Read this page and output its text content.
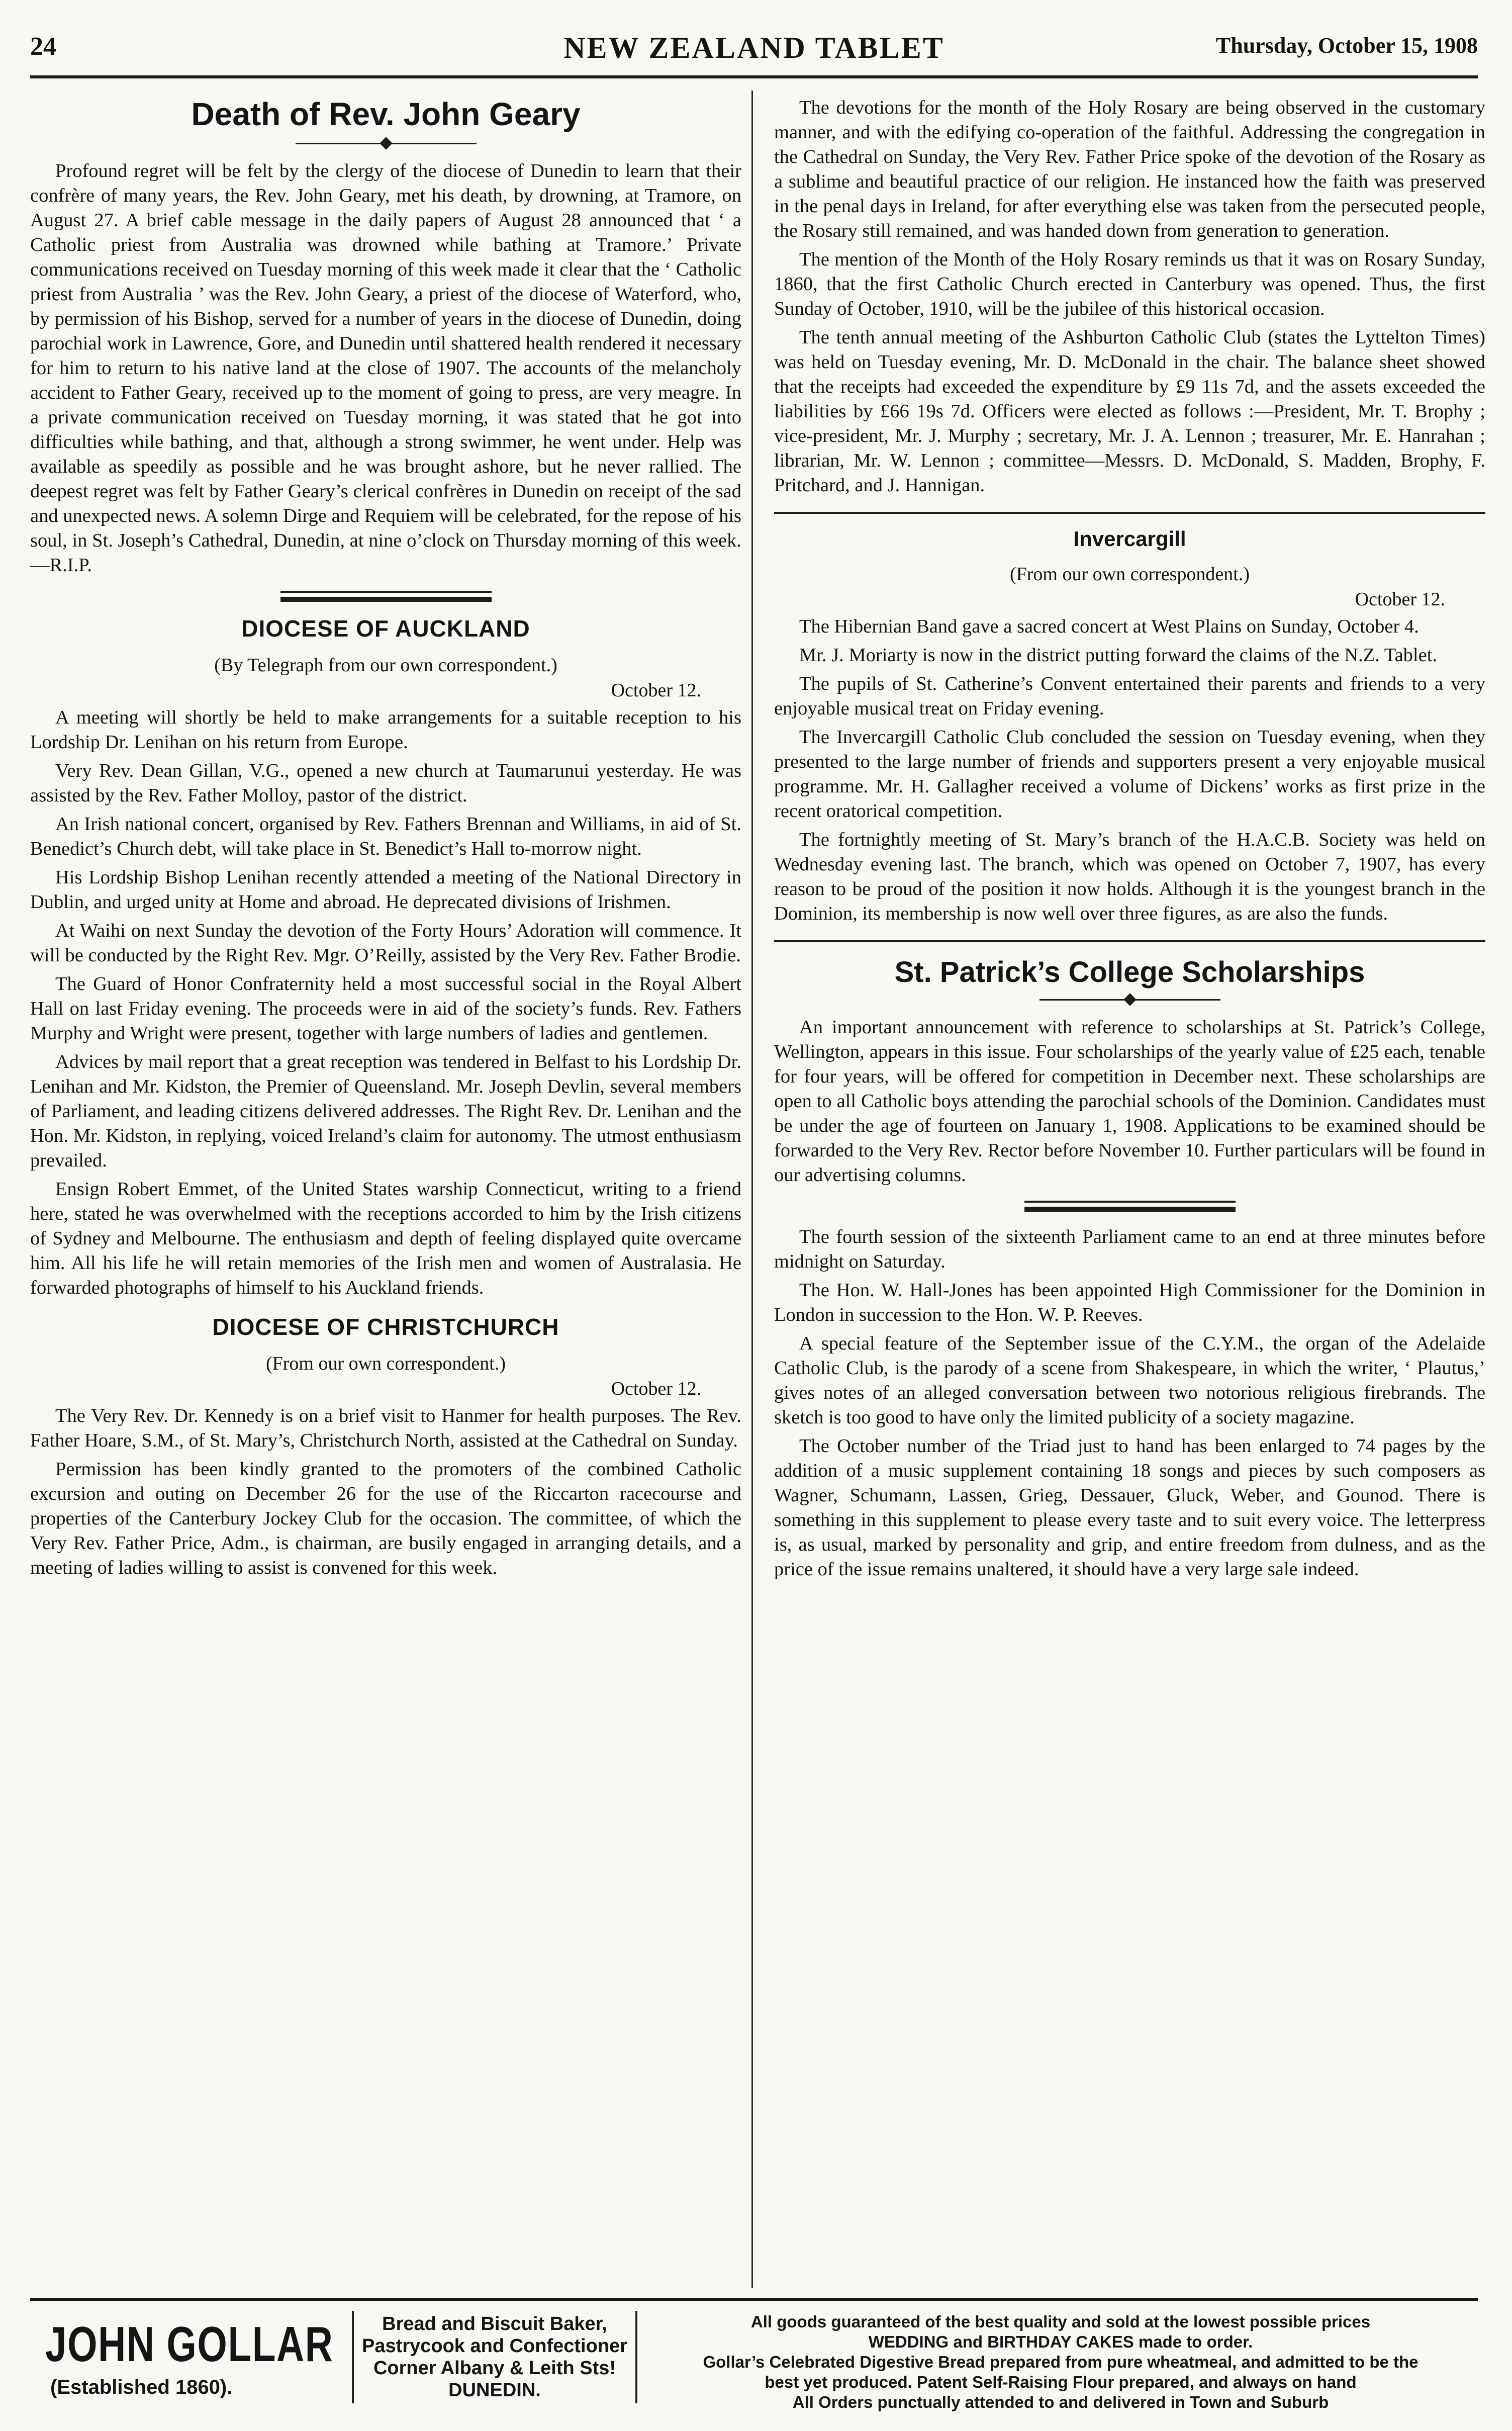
24	NEW ZEALAND TABLET	Thursday, October 15, 1908
Death of Rev. John Geary

Profound regret will be felt by the clergy of the diocese of Dunedin to learn that their confrère of many years, the Rev. John Geary, met his death, by drowning, at Tramore, on August 27. A brief cable message in the daily papers of August 28 announced that ‘ a Catholic priest from Australia was drowned while bathing at Tramore.’ Private communications received on Tuesday morning of this week made it clear that the ‘ Catholic priest from Australia ’ was the Rev. John Geary, a priest of the diocese of Waterford, who, by permission of his Bishop, served for a number of years in the diocese of Dunedin, doing parochial work in Lawrence, Gore, and Dunedin until shattered health rendered it necessary for him to return to his native land at the close of 1907. The accounts of the melancholy accident to Father Geary, received up to the moment of going to press, are very meagre. In a private communication received on Tuesday morning, it was stated that he got into difficulties while bathing, and that, although a strong swimmer, he went under. Help was available as speedily as possible and he was brought ashore, but he never rallied. The deepest regret was felt by Father Geary’s clerical confrères in Dunedin on receipt of the sad and unexpected news. A solemn Dirge and Requiem will be celebrated, for the repose of his soul, in St. Joseph’s Cathedral, Dunedin, at nine o’clock on Thursday morning of this week.—R.I.P.

DIOCESE OF AUCKLAND
(By Telegraph from our own correspondent.)
October 12.

A meeting will shortly be held to make arrangements for a suitable reception to his Lordship Dr. Lenihan on his return from Europe.

Very Rev. Dean Gillan, V.G., opened a new church at Taumarunui yesterday. He was assisted by the Rev. Father Molloy, pastor of the district.

An Irish national concert, organised by Rev. Fathers Brennan and Williams, in aid of St. Benedict’s Church debt, will take place in St. Benedict’s Hall to-morrow night.

His Lordship Bishop Lenihan recently attended a meeting of the National Directory in Dublin, and urged unity at Home and abroad. He deprecated divisions of Irishmen.

At Waihi on next Sunday the devotion of the Forty Hours’ Adoration will commence. It will be conducted by the Right Rev. Mgr. O’Reilly, assisted by the Very Rev. Father Brodie.

The Guard of Honor Confraternity held a most successful social in the Royal Albert Hall on last Friday evening. The proceeds were in aid of the society’s funds. Rev. Fathers Murphy and Wright were present, together with large numbers of ladies and gentlemen.

Advices by mail report that a great reception was tendered in Belfast to his Lordship Dr. Lenihan and Mr. Kidston, the Premier of Queensland. Mr. Joseph Devlin, several members of Parliament, and leading citizens delivered addresses. The Right Rev. Dr. Lenihan and the Hon. Mr. Kidston, in replying, voiced Ireland’s claim for autonomy. The utmost enthusiasm prevailed.

Ensign Robert Emmet, of the United States warship Connecticut, writing to a friend here, stated he was overwhelmed with the receptions accorded to him by the Irish citizens of Sydney and Melbourne. The enthusiasm and depth of feeling displayed quite overcame him. All his life he will retain memories of the Irish men and women of Australasia. He forwarded photographs of himself to his Auckland friends.

DIOCESE OF CHRISTCHURCH
(From our own correspondent.)
October 12.

The Very Rev. Dr. Kennedy is on a brief visit to Hanmer for health purposes. The Rev. Father Hoare, S.M., of St. Mary’s, Christchurch North, assisted at the Cathedral on Sunday.

Permission has been kindly granted to the promoters of the combined Catholic excursion and outing on December 26 for the use of the Riccarton racecourse and properties of the Canterbury Jockey Club for the occasion. The committee, of which the Very Rev. Father Price, Adm., is chairman, are busily engaged in arranging details, and a meeting of ladies willing to assist is convened for this week.

The devotions for the month of the Holy Rosary are being observed in the customary manner, and with the edifying co-operation of the faithful. Addressing the congregation in the Cathedral on Sunday, the Very Rev. Father Price spoke of the devotion of the Rosary as a sublime and beautiful practice of our religion. He instanced how the faith was preserved in the penal days in Ireland, for after everything else was taken from the persecuted people, the Rosary still remained, and was handed down from generation to generation.

The mention of the Month of the Holy Rosary reminds us that it was on Rosary Sunday, 1860, that the first Catholic Church erected in Canterbury was opened. Thus, the first Sunday of October, 1910, will be the jubilee of this historical occasion.

The tenth annual meeting of the Ashburton Catholic Club (states the Lyttelton Times) was held on Tuesday evening, Mr. D. McDonald in the chair. The balance sheet showed that the receipts had exceeded the expenditure by £9 11s 7d, and the assets exceeded the liabilities by £66 19s 7d. Officers were elected as follows :—President, Mr. T. Brophy ; vice-president, Mr. J. Murphy ; secretary, Mr. J. A. Lennon ; treasurer, Mr. E. Hanrahan ; librarian, Mr. W. Lennon ; committee—Messrs. D. McDonald, S. Madden, Brophy, F. Pritchard, and J. Hannigan.

Invercargill
(From our own correspondent.)
October 12.

The Hibernian Band gave a sacred concert at West Plains on Sunday, October 4.

Mr. J. Moriarty is now in the district putting forward the claims of the N.Z. Tablet.

The pupils of St. Catherine’s Convent entertained their parents and friends to a very enjoyable musical treat on Friday evening.

The Invercargill Catholic Club concluded the session on Tuesday evening, when they presented to the large number of friends and supporters present a very enjoyable musical programme. Mr. H. Gallagher received a volume of Dickens’ works as first prize in the recent oratorical competition.

The fortnightly meeting of St. Mary’s branch of the H.A.C.B. Society was held on Wednesday evening last. The branch, which was opened on October 7, 1907, has every reason to be proud of the position it now holds. Although it is the youngest branch in the Dominion, its membership is now well over three figures, as are also the funds.

St. Patrick’s College Scholarships

An important announcement with reference to scholarships at St. Patrick’s College, Wellington, appears in this issue. Four scholarships of the yearly value of £25 each, tenable for four years, will be offered for competition in December next. These scholarships are open to all Catholic boys attending the parochial schools of the Dominion. Candidates must be under the age of fourteen on January 1, 1908. Applications to be examined should be forwarded to the Very Rev. Rector before November 10. Further particulars will be found in our advertising columns.

The fourth session of the sixteenth Parliament came to an end at three minutes before midnight on Saturday.

The Hon. W. Hall-Jones has been appointed High Commissioner for the Dominion in London in succession to the Hon. W. P. Reeves.

A special feature of the September issue of the C.Y.M., the organ of the Adelaide Catholic Club, is the parody of a scene from Shakespeare, in which the writer, ‘ Plautus,’ gives notes of an alleged conversation between two notorious religious firebrands. The sketch is too good to have only the limited publicity of a society magazine.

The October number of the Triad just to hand has been enlarged to 74 pages by the addition of a music supplement containing 18 songs and pieces by such composers as Wagner, Schumann, Lassen, Grieg, Dessauer, Gluck, Weber, and Gounod. There is something in this supplement to please every taste and to suit every voice. The letterpress is, as usual, marked by personality and grip, and entire freedom from dulness, and as the price of the issue remains unaltered, it should have a very large sale indeed.

JOHN GOLLAR
(Established 1860).
Bread and Biscuit Baker,
Pastrycook and Confectioner
Corner Albany & Leith Sts!
DUNEDIN.
All goods guaranteed of the best quality and sold at the lowest possible prices
WEDDING and BIRTHDAY CAKES made to order.
Gollar’s Celebrated Digestive Bread prepared from pure wheatmeal, and admitted to be the
best yet produced. Patent Self-Raising Flour prepared, and always on hand
All Orders punctually attended to and delivered in Town and Suburb
